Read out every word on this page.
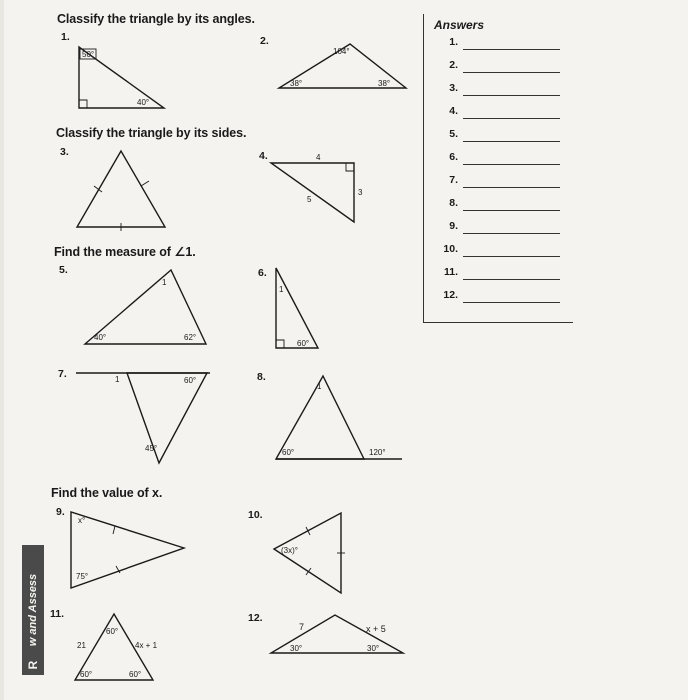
Classify the triangle by its angles.
Classify the triangle by its sides.
Find the measure of ∠1.
Find the value of x.
1.	2.
3.	4.
5.	6.
7.	8.
9.	10.
11.	12.
50°
40°
104°
38°	38°
4
5
3
1
40°	62°
1
60°
1	60°
45°
1
60°	120°
x°
75°
(3x)°
60°
21	4x + 1
60°	60°
7	x + 5
30°	30°
Answers
1.
2.
3.
4.
5.
6.
7.
8.
9.
10.
11.
12.
w and Assess
R
